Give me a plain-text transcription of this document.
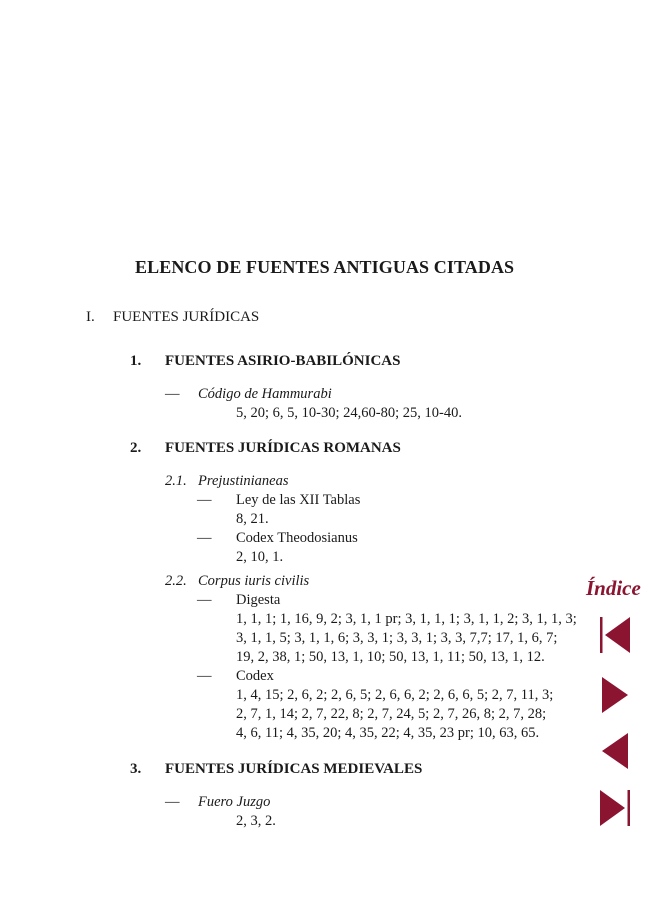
ELENCO DE FUENTES ANTIGUAS CITADAS
I. FUENTES JURÍDICAS
1. FUENTES ASIRIO-BABILÓNICAS
— Código de Hammurabi
5, 20; 6, 5, 10-30; 24,60-80; 25, 10-40.
2. FUENTES JURÍDICAS ROMANAS
2.1. Prejustinianeas
— Ley de las XII Tablas
8, 21.
— Codex Theodosianus
2, 10, 1.
2.2. Corpus iuris civilis
— Digesta
1, 1, 1; 1, 16, 9, 2; 3, 1, 1 pr; 3, 1, 1, 1; 3, 1, 1, 2; 3, 1, 1, 3;
3, 1, 1, 5; 3, 1, 1, 6; 3, 3, 1; 3, 3, 1; 3, 3, 7,7; 17, 1, 6, 7;
19, 2, 38, 1; 50, 13, 1, 10; 50, 13, 1, 11; 50, 13, 1, 12.
— Codex
1, 4, 15; 2, 6, 2; 2, 6, 5; 2, 6, 6, 2; 2, 6, 6, 5; 2, 7, 11, 3;
2, 7, 1, 14; 2, 7, 22, 8; 2, 7, 24, 5; 2, 7, 26, 8; 2, 7, 28;
4, 6, 11; 4, 35, 20; 4, 35, 22; 4, 35, 23 pr; 10, 63, 65.
3. FUENTES JURÍDICAS MEDIEVALES
— Fuero Juzgo
2, 3, 2.
Índice
